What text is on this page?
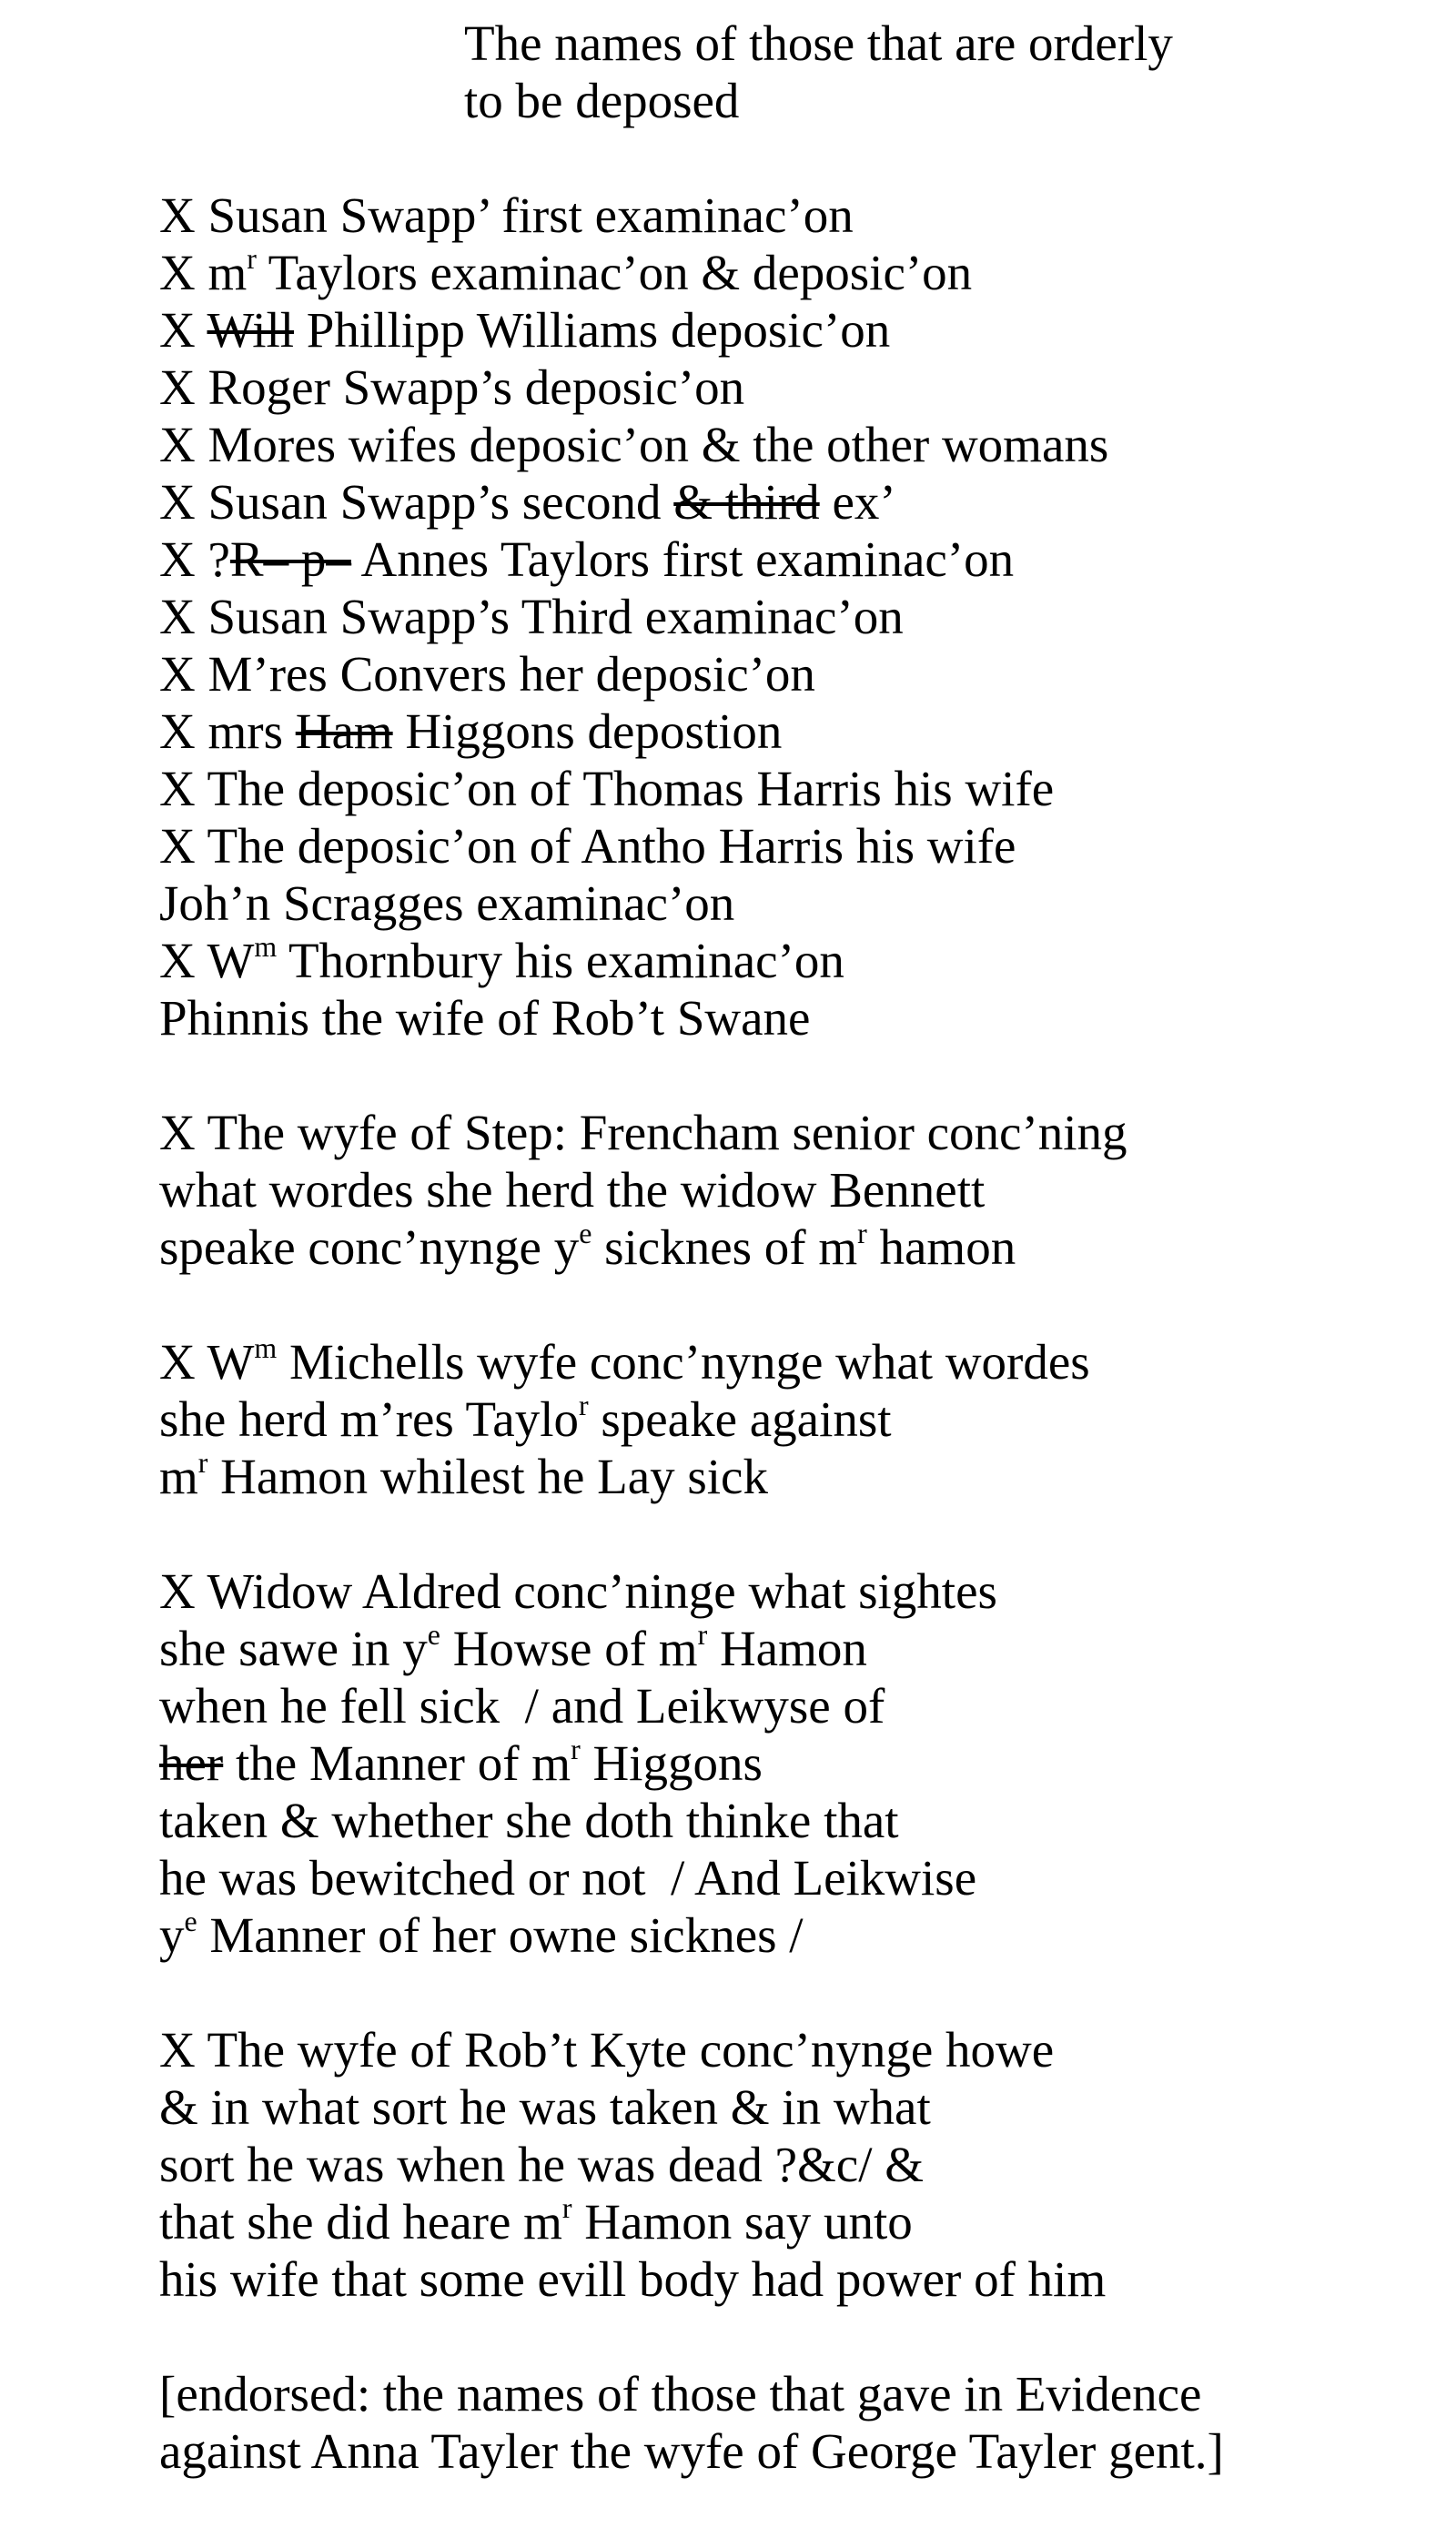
The names of those that are orderly
to be deposed
X Susan Swapp’ first examinac’on
X $m^r$ Taylors examinac’on & deposic’on
X Will Phillipp Williams deposic’on
X Roger Swapp’s deposic’on
X Mores wifes deposic’on & the other womans
X Susan Swapp’s second & third ex’
X ?R– p– Annes Taylors first examinac’on
X Susan Swapp’s Third examinac’on
X M’res Convers her deposic’on
X mrs Ham Higgons depostion
X The deposic’on of Thomas Harris his wife
X The deposic’on of Antho Harris his wife
Joh’n Scragges examinac’on
X $W^m$ Thornbury his examinac’on
Phinnis the wife of Rob’t Swane
X The wyfe of Step: Frencham senior conc’ning
what wordes she herd the widow Bennett
speake conc’nynge $y^e$ sicknes of $m^r$ hamon
X $W^m$ Michells wyfe conc’nynge what wordes
she herd m’res Taylo$^r$ speake against
$m^r$ Hamon whilest he Lay sick
X Widow Aldred conc’ninge what sightes
she sawe in $y^e$ Howse of $m^r$ Hamon
when he fell sick  / and Leikwyse of
her the Manner of $m^r$ Higgons
taken & whether she doth thinke that
he was bewitched or not  / And Leikwise
$y^e$ Manner of her owne sicknes /
X The wyfe of Rob’t Kyte conc’nynge howe
& in what sort he was taken & in what
sort he was when he was dead ?&c/ &
that she did heare $m^r$ Hamon say unto
his wife that some evill body had power of him
[endorsed: the names of those that gave in Evidence
against Anna Tayler the wyfe of George Tayler gent.]
